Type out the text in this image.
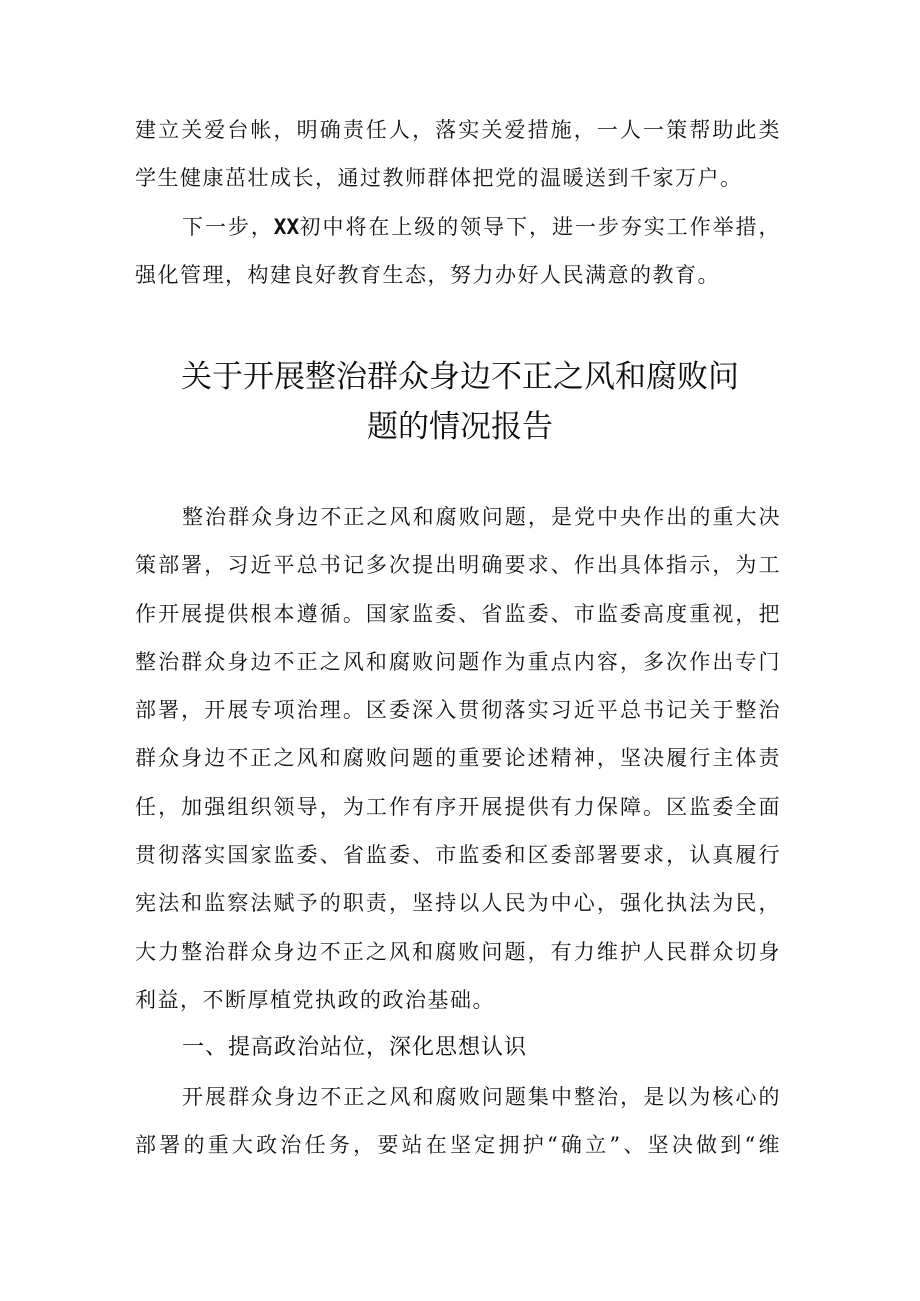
建立关爱台帐，明确责任人，落实关爱措施，一人一策帮助此类
学生健康茁壮成长，通过教师群体把党的温暖送到千家万户。
下一步，XX初中将在上级的领导下，进一步夯实工作举措，
强化管理，构建良好教育生态，努力办好人民满意的教育。
关于开展整治群众身边不正之风和腐败问
题的情况报告
整治群众身边不正之风和腐败问题，是党中央作出的重大决
策部署，习近平总书记多次提出明确要求、作出具体指示，为工
作开展提供根本遵循。国家监委、省监委、市监委高度重视，把
整治群众身边不正之风和腐败问题作为重点内容，多次作出专门
部署，开展专项治理。区委深入贯彻落实习近平总书记关于整治
群众身边不正之风和腐败问题的重要论述精神，坚决履行主体责
任，加强组织领导，为工作有序开展提供有力保障。区监委全面
贯彻落实国家监委、省监委、市监委和区委部署要求，认真履行
宪法和监察法赋予的职责，坚持以人民为中心，强化执法为民，
大力整治群众身边不正之风和腐败问题，有力维护人民群众切身
利益，不断厚植党执政的政治基础。
一、提高政治站位，深化思想认识
开展群众身边不正之风和腐败问题集中整治，是以为核心的
部署的重大政治任务，要站在坚定拥护“确立”、坚决做到“维
